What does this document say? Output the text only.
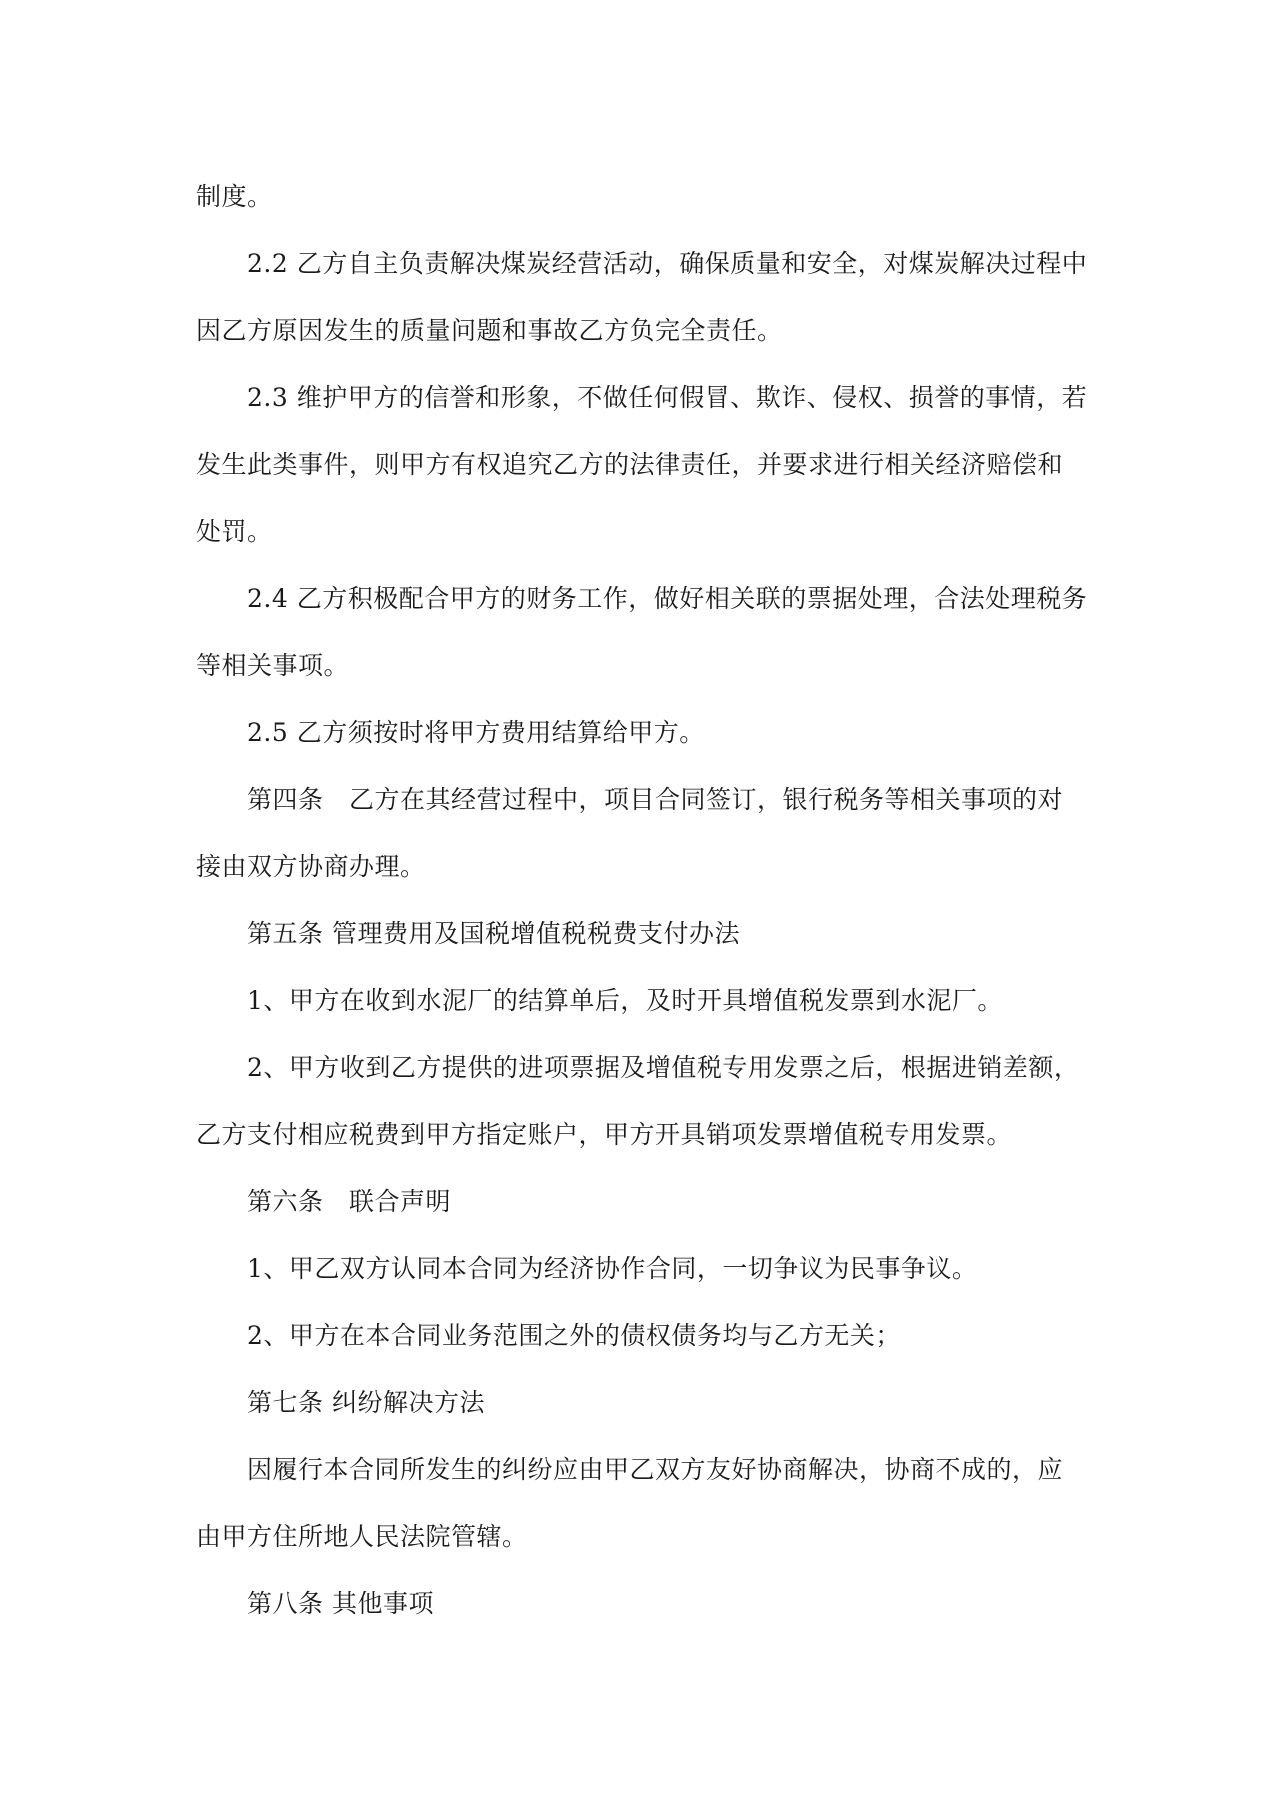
制度。
2.2 乙方自主负责解决煤炭经营活动，确保质量和安全，对煤炭解决过程中
因乙方原因发生的质量问题和事故乙方负完全责任。
2.3 维护甲方的信誉和形象，不做任何假冒、欺诈、侵权、损誉的事情，若
发生此类事件，则甲方有权追究乙方的法律责任，并要求进行相关经济赔偿和
处罚。
2.4 乙方积极配合甲方的财务工作，做好相关联的票据处理，合法处理税务
等相关事项。
2.5 乙方须按时将甲方费用结算给甲方。
第四条　乙方在其经营过程中，项目合同签订，银行税务等相关事项的对
接由双方协商办理。
第五条 管理费用及国税增值税税费支付办法
1、甲方在收到水泥厂的结算单后，及时开具增值税发票到水泥厂。
2、甲方收到乙方提供的进项票据及增值税专用发票之后，根据进销差额，
乙方支付相应税费到甲方指定账户，甲方开具销项发票增值税专用发票。
第六条　联合声明
1、甲乙双方认同本合同为经济协作合同，一切争议为民事争议。
2、甲方在本合同业务范围之外的债权债务均与乙方无关；
第七条 纠纷解决方法
因履行本合同所发生的纠纷应由甲乙双方友好协商解决，协商不成的，应
由甲方住所地人民法院管辖。
第八条 其他事项
